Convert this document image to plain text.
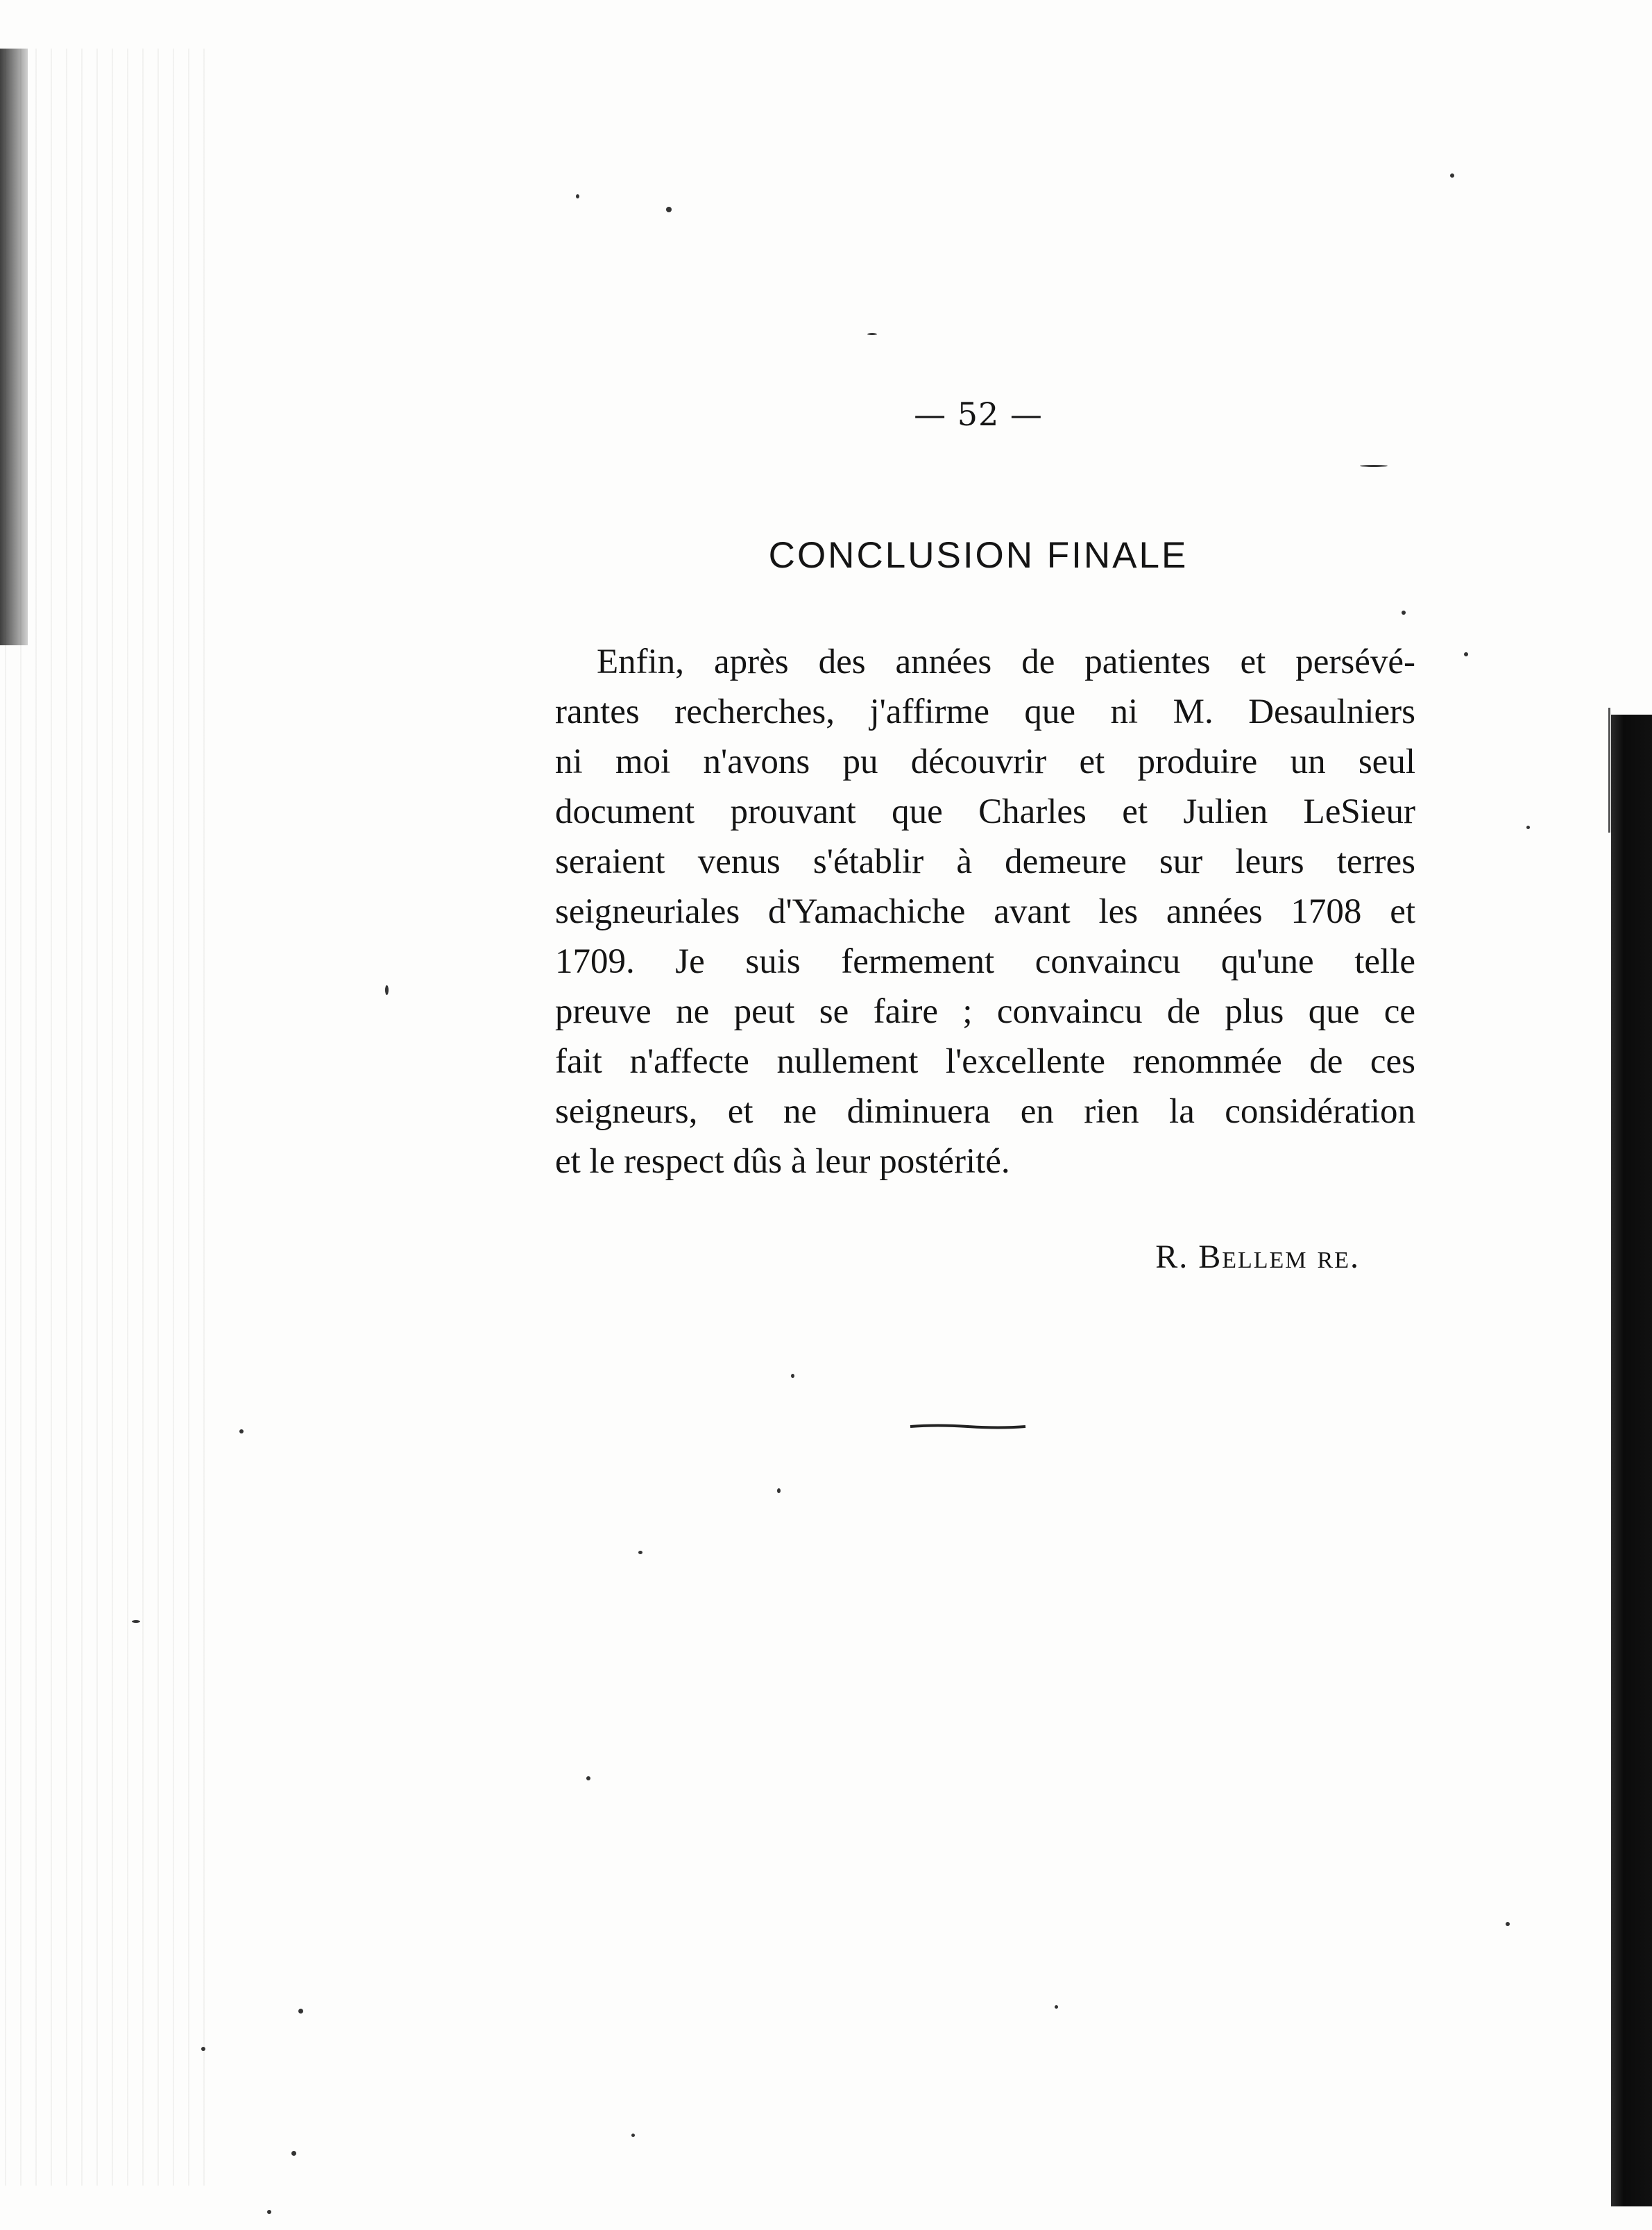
— 52 —
CONCLUSION FINALE
Enfin, après des années de patientes et persévé-
rantes recherches, j'affirme que ni M. Desaulniers
ni moi n'avons pu découvrir et produire un seul
document prouvant que Charles et Julien LeSieur
seraient venus s'établir à demeure sur leurs terres
seigneuriales d'Yamachiche avant les années 1708 et
1709. Je suis fermement convaincu qu'une telle
preuve ne peut se faire ; convaincu de plus que ce
fait n'affecte nullement l'excellente renommée de ces
seigneurs, et ne diminuera en rien la considération
et le respect dûs à leur postérité.
R. Bellem re.
